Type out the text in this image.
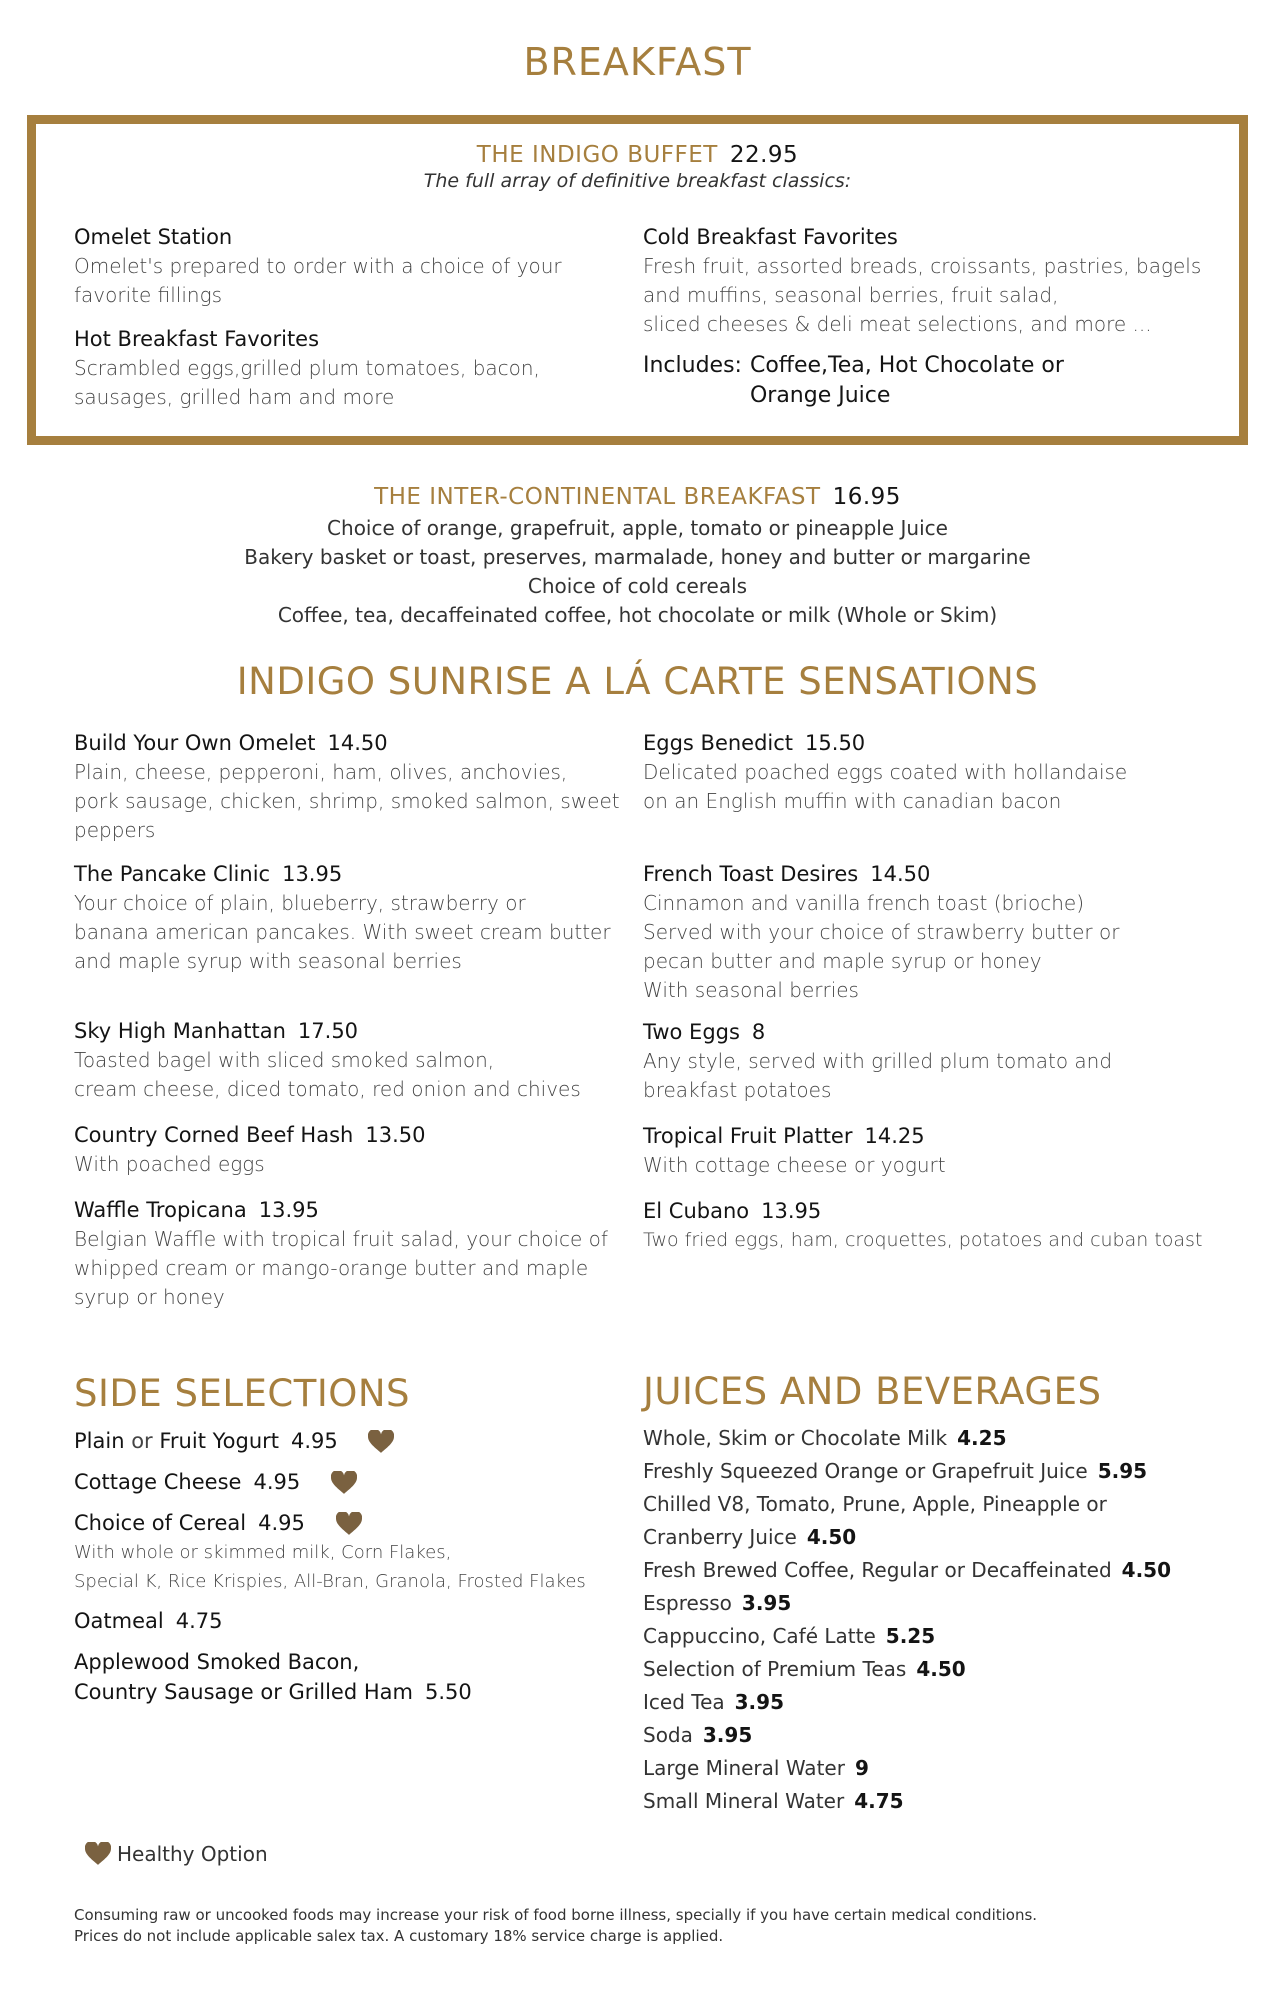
BREAKFAST
THE INDIGO BUFFET 22.95
The full array of definitive breakfast classics:
Omelet Station
Omelet's prepared to order with a choice of your
favorite fillings
Hot Breakfast Favorites
Scrambled eggs,grilled plum tomatoes, bacon,
sausages, grilled ham and more
Cold Breakfast Favorites
Fresh fruit, assorted breads, croissants, pastries, bagels
and muffins, seasonal berries, fruit salad,
sliced cheeses & deli meat selections, and more ...
Includes: Coffee,Tea, Hot Chocolate or
Orange Juice
THE INTER-CONTINENTAL BREAKFAST 16.95
Choice of orange, grapefruit, apple, tomato or pineapple Juice
Bakery basket or toast, preserves, marmalade, honey and butter or margarine
Choice of cold cereals
Coffee, tea, decaffeinated coffee, hot chocolate or milk (Whole or Skim)
INDIGO SUNRISE A LÁ CARTE SENSATIONS
Build Your Own Omelet 14.50
Plain, cheese, pepperoni, ham, olives, anchovies,
pork sausage, chicken, shrimp, smoked salmon, sweet
peppers
The Pancake Clinic 13.95
Your choice of plain, blueberry, strawberry or
banana american pancakes. With sweet cream butter
and maple syrup with seasonal berries
Sky High Manhattan 17.50
Toasted bagel with sliced smoked salmon,
cream cheese, diced tomato, red onion and chives
Country Corned Beef Hash 13.50
With poached eggs
Waffle Tropicana 13.95
Belgian Waffle with tropical fruit salad, your choice of
whipped cream or mango-orange butter and maple
syrup or honey
Eggs Benedict 15.50
Delicated poached eggs coated with hollandaise
on an English muffin with canadian bacon
French Toast Desires 14.50
Cinnamon and vanilla french toast (brioche)
Served with your choice of strawberry butter or
pecan butter and maple syrup or honey
With seasonal berries
Two Eggs 8
Any style, served with grilled plum tomato and
breakfast potatoes
Tropical Fruit Platter 14.25
With cottage cheese or yogurt
El Cubano 13.95
Two fried eggs, ham, croquettes, potatoes and cuban toast
SIDE SELECTIONS
Plain or Fruit Yogurt 4.95
Cottage Cheese 4.95
Choice of Cereal 4.95
With whole or skimmed milk, Corn Flakes,
Special K, Rice Krispies, All-Bran, Granola, Frosted Flakes
Oatmeal 4.75
Applewood Smoked Bacon,
Country Sausage or Grilled Ham 5.50
JUICES AND BEVERAGES
Whole, Skim or Chocolate Milk 4.25
Freshly Squeezed Orange or Grapefruit Juice 5.95
Chilled V8, Tomato, Prune, Apple, Pineapple or
Cranberry Juice 4.50
Fresh Brewed Coffee, Regular or Decaffeinated 4.50
Espresso 3.95
Cappuccino, Café Latte 5.25
Selection of Premium Teas 4.50
Iced Tea 3.95
Soda 3.95
Large Mineral Water 9
Small Mineral Water 4.75
Healthy Option
Consuming raw or uncooked foods may increase your risk of food borne illness, specially if you have certain medical conditions.
Prices do not include applicable salex tax. A customary 18% service charge is applied.
